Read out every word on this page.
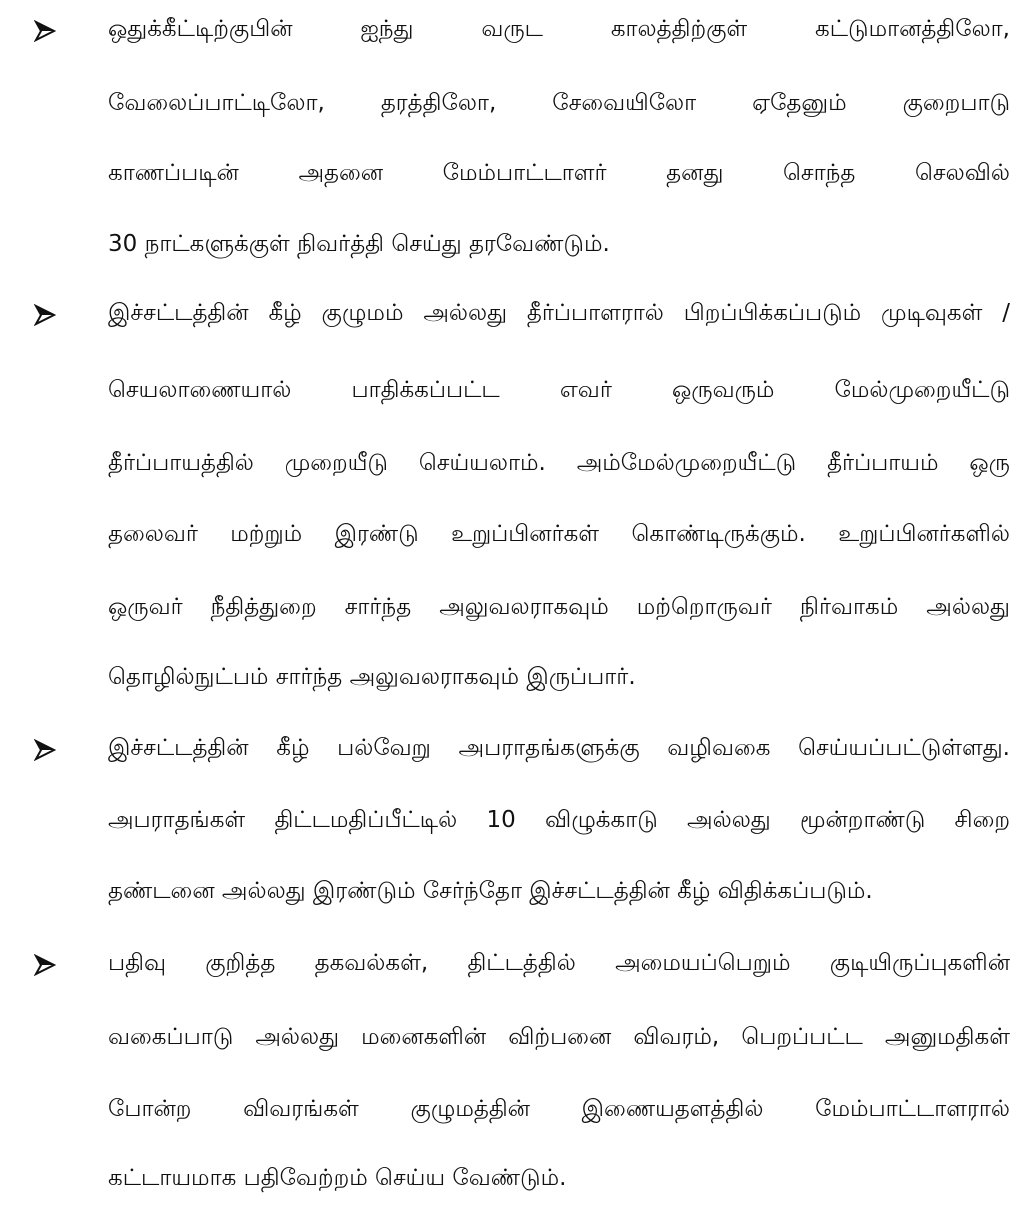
ஒதுக்கீட்டிற்குபின் ஐந்து வருட காலத்திற்குள் கட்டுமானத்திலோ,
வேலைப்பாட்டிலோ, தரத்திலோ, சேவையிலோ ஏதேனும் குறைபாடு
காணப்படின் அதனை மேம்பாட்டாளர் தனது சொந்த செலவில்
30 நாட்களுக்குள் நிவர்த்தி செய்து தரவேண்டும்.
இச்சட்டத்தின் கீழ் குழுமம் அல்லது தீர்ப்பாளரால் பிறப்பிக்கப்படும் முடிவுகள் /
செயலாணையால் பாதிக்கப்பட்ட எவர் ஒருவரும் மேல்முறையீட்டு
தீர்ப்பாயத்தில் முறையீடு செய்யலாம். அம்மேல்முறையீட்டு தீர்ப்பாயம் ஒரு
தலைவர் மற்றும் இரண்டு உறுப்பினர்கள் கொண்டிருக்கும். உறுப்பினர்களில்
ஒருவர் நீதித்துறை சார்ந்த அலுவலராகவும் மற்றொருவர் நிர்வாகம் அல்லது
தொழில்நுட்பம் சார்ந்த அலுவலராகவும் இருப்பார்.
இச்சட்டத்தின் கீழ் பல்வேறு அபராதங்களுக்கு வழிவகை செய்யப்பட்டுள்ளது.
அபராதங்கள் திட்டமதிப்பீட்டில் 10 விழுக்காடு அல்லது மூன்றாண்டு சிறை
தண்டனை அல்லது இரண்டும் சேர்ந்தோ இச்சட்டத்தின் கீழ் விதிக்கப்படும்.
பதிவு குறித்த தகவல்கள், திட்டத்தில் அமையப்பெறும் குடியிருப்புகளின்
வகைப்பாடு அல்லது மனைகளின் விற்பனை விவரம், பெறப்பட்ட அனுமதிகள்
போன்ற விவரங்கள் குழுமத்தின் இணையதளத்தில் மேம்பாட்டாளரால்
கட்டாயமாக பதிவேற்றம் செய்ய வேண்டும்.
